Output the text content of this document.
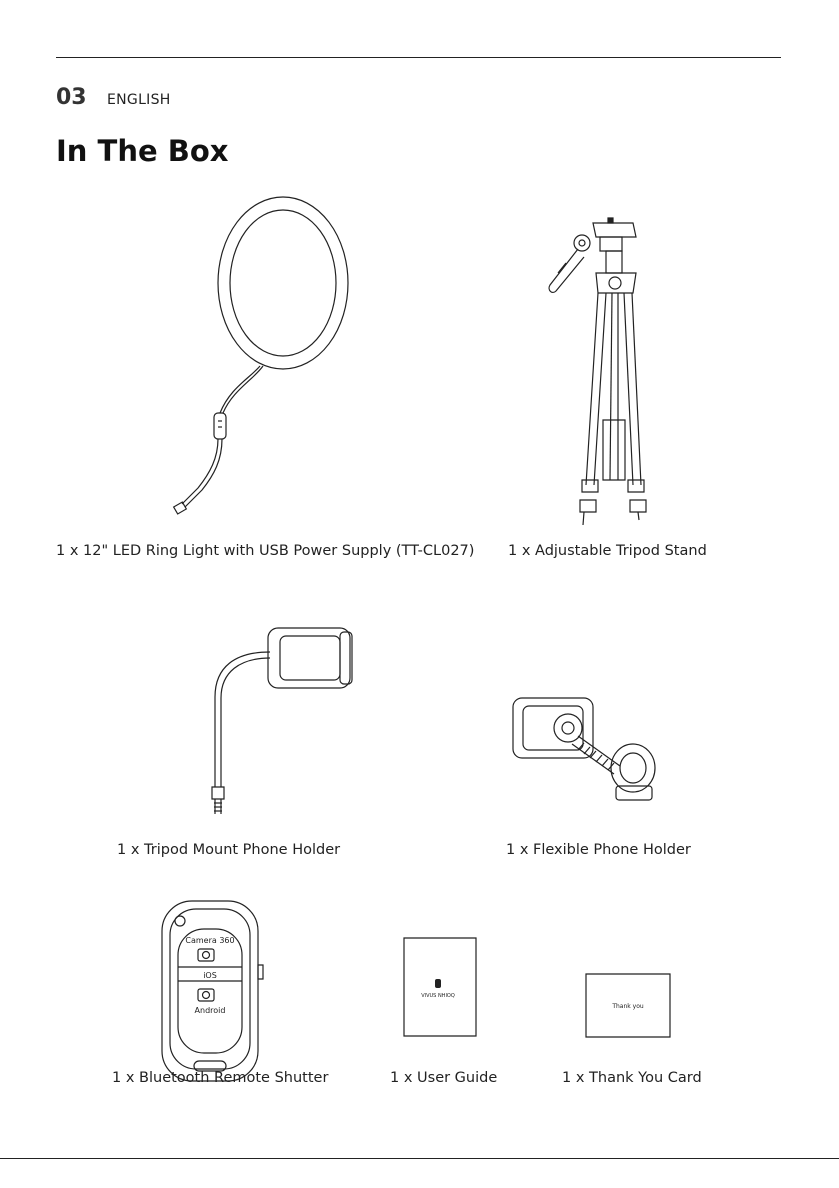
03 ENGLISH
In The Box
Camera 360
iOS
Android
VIVUS NHIOQ
Thank you
1 x 12" LED Ring Light with USB Power Supply (TT-CL027) 1 x Adjustable Tripod Stand
1 x Tripod Mount Phone Holder	1 x Flexible Phone Holder
1 x Bluetooth Remote Shutter	1 x User Guide	1 x Thank You Card
